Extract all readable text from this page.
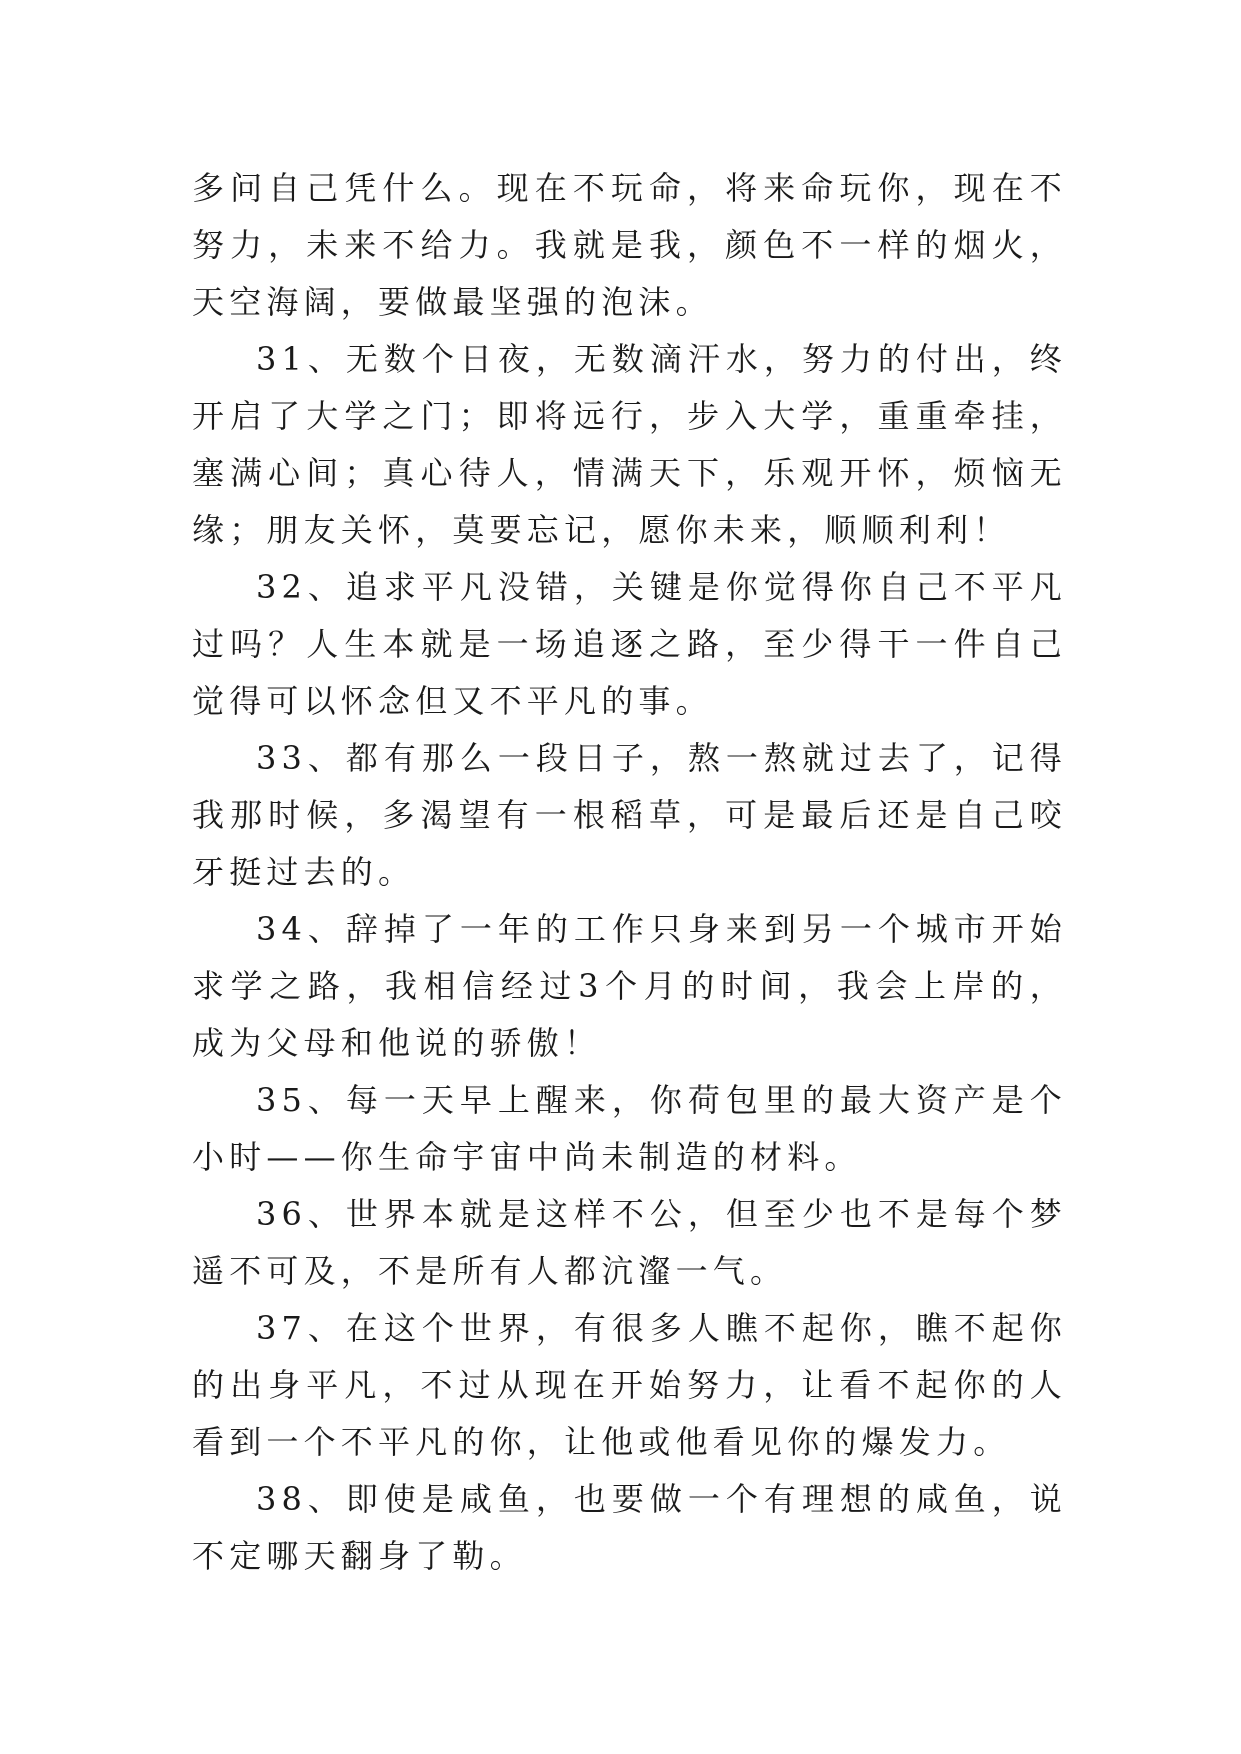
多问自己凭什么。现在不玩命，将来命玩你，现在不努力，未来不给力。我就是我，颜色不一样的烟火，天空海阔，要做最坚强的泡沫。

31、无数个日夜，无数滴汗水，努力的付出，终开启了大学之门；即将远行，步入大学，重重牵挂，塞满心间；真心待人，情满天下，乐观开怀，烦恼无缘；朋友关怀，莫要忘记，愿你未来，顺顺利利！

32、追求平凡没错，关键是你觉得你自己不平凡过吗？人生本就是一场追逐之路，至少得干一件自己觉得可以怀念但又不平凡的事。

33、都有那么一段日子，熬一熬就过去了，记得我那时候，多渴望有一根稻草，可是最后还是自己咬牙挺过去的。

34、辞掉了一年的工作只身来到另一个城市开始求学之路，我相信经过3个月的时间，我会上岸的，成为父母和他说的骄傲！

35、每一天早上醒来，你荷包里的最大资产是个小时——你生命宇宙中尚未制造的材料。

36、世界本就是这样不公，但至少也不是每个梦遥不可及，不是所有人都沆瀣一气。

37、在这个世界，有很多人瞧不起你，瞧不起你的出身平凡，不过从现在开始努力，让看不起你的人看到一个不平凡的你，让他或他看见你的爆发力。

38、即使是咸鱼，也要做一个有理想的咸鱼，说不定哪天翻身了勒。
